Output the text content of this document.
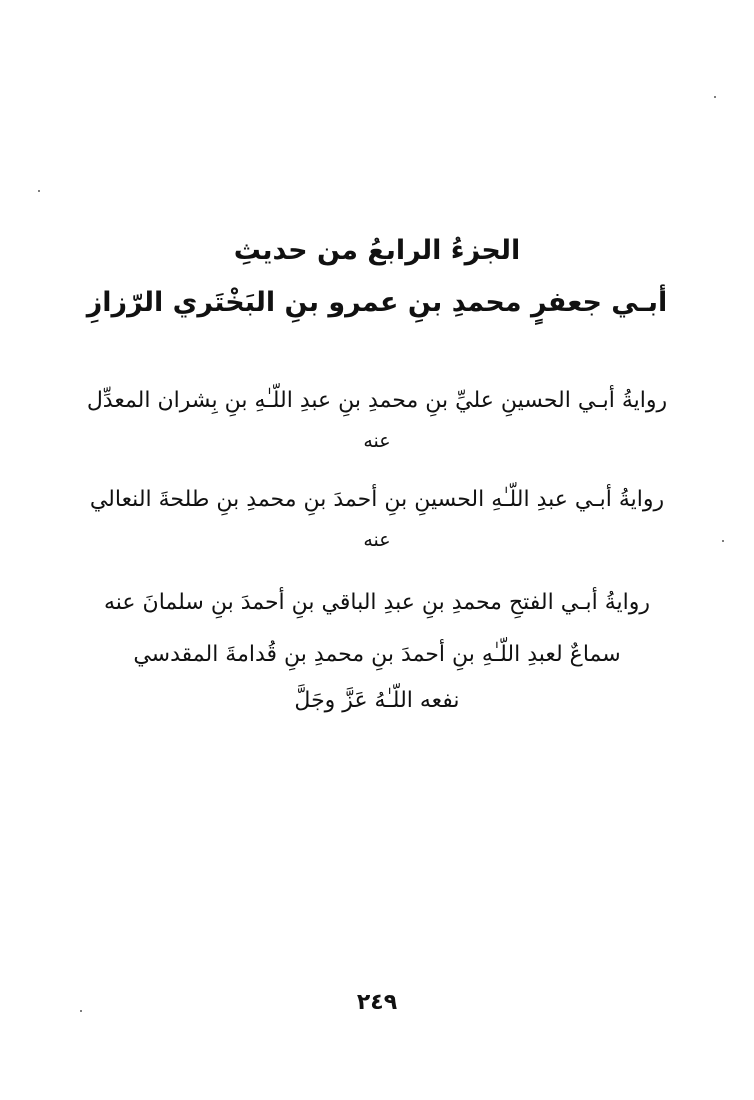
الجزءُ الرابعُ من حديثِ
أبـي جعفرٍ محمدِ بنِ عمرو بنِ البَخْتَري الرّزازِ
روايةُ أبـي الحسينِ عليِّ بنِ محمدِ بنِ عبدِ اللّـٰهِ بنِ بِشران المعدِّل
عنه
روايةُ أبـي عبدِ اللّـٰهِ الحسينِ بنِ أحمدَ بنِ محمدِ بنِ طلحةَ النعالي
عنه
روايةُ أبـي الفتحِ محمدِ بنِ عبدِ الباقي بنِ أحمدَ بنِ سلمانَ عنه
سماعٌ لعبدِ اللّـٰهِ بنِ أحمدَ بنِ محمدِ بنِ قُدامةَ المقدسي
نفعه اللّـٰهُ عَزَّ وجَلَّ
٢٤٩
